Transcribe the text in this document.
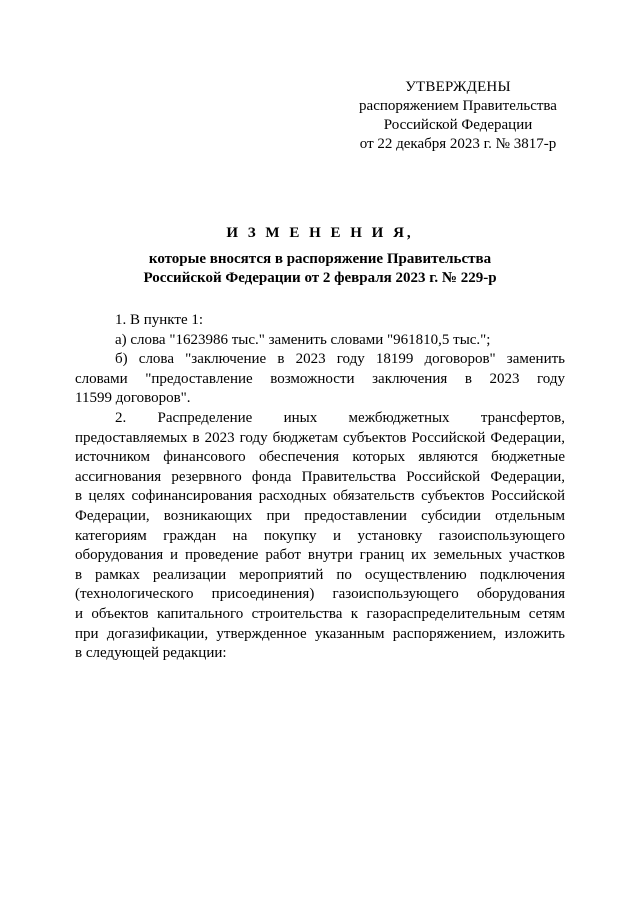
УТВЕРЖДЕНЫ
распоряжением Правительства
Российской Федерации
от 22 декабря 2023 г. № 3817-р
И З М Е Н Е Н И Я,
которые вносятся в распоряжение Правительства
Российской Федерации от 2 февраля 2023 г. № 229-р
1. В пункте 1:
а) слова "1623986 тыс." заменить словами "961810,5 тыс.";
б) слова "заключение в 2023 году 18199 договоров" заменить
словами "предоставление возможности заключения в 2023 году
11599 договоров".
2. Распределение иных межбюджетных трансфертов,
предоставляемых в 2023 году бюджетам субъектов Российской Федерации,
источником финансового обеспечения которых являются бюджетные
ассигнования резервного фонда Правительства Российской Федерации,
в целях софинансирования расходных обязательств субъектов Российской
Федерации, возникающих при предоставлении субсидии отдельным
категориям граждан на покупку и установку газоиспользующего
оборудования и проведение работ внутри границ их земельных участков
в рамках реализации мероприятий по осуществлению подключения
(технологического присоединения) газоиспользующего оборудования
и объектов капитального строительства к газораспределительным сетям
при догазификации, утвержденное указанным распоряжением, изложить
в следующей редакции:
